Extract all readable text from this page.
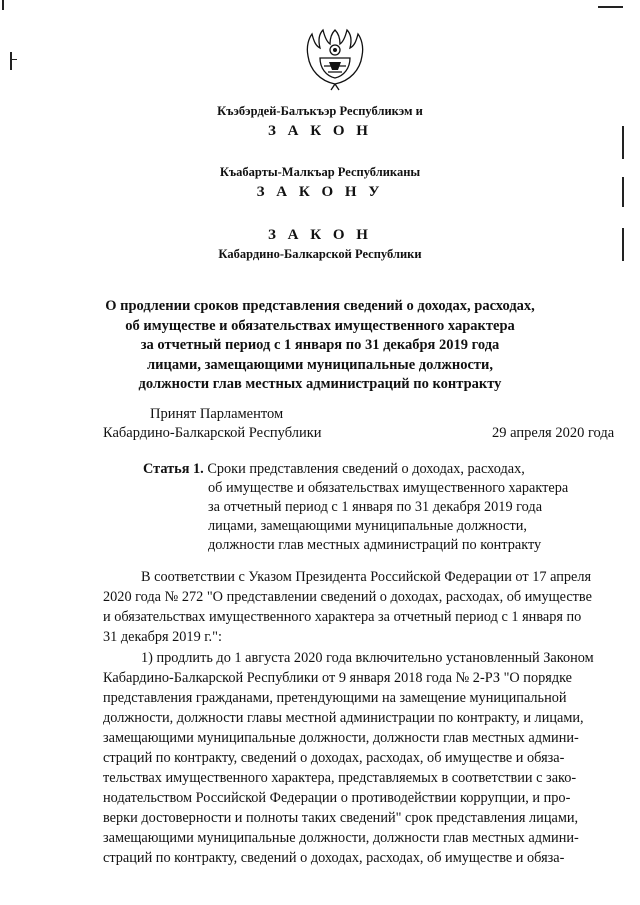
Къэбэрдей-Балъкъэр Республикэм и
З А К О Н
Къабарты-Малкъар Республиканы
З А К О Н У
З А К О Н
Кабардино-Балкарской Республики
О продлении сроков представления сведений о доходах, расходах,
об имуществе и обязательствах имущественного характера
за отчетный период с 1 января по 31 декабря 2019 года
лицами, замещающими муниципальные должности,
должности глав местных администраций по контракту
Принят Парламентом
Кабардино-Балкарской Республики	29 апреля 2020 года
Статья 1. Сроки представления сведений о доходах, расходах,
об имуществе и обязательствах имущественного характера
за отчетный период с 1 января по 31 декабря 2019 года
лицами, замещающими муниципальные должности,
должности глав местных администраций по контракту
В соответствии с Указом Президента Российской Федерации от 17 апреля
2020 года № 272 "О представлении сведений о доходах, расходах, об имуществе
и обязательствах имущественного характера за отчетный период с 1 января по
31 декабря 2019 г.":
1) продлить до 1 августа 2020 года включительно установленный Законом
Кабардино-Балкарской Республики от 9 января 2018 года № 2-РЗ "О порядке
представления гражданами, претендующими на замещение муниципальной
должности, должности главы местной администрации по контракту, и лицами,
замещающими муниципальные должности, должности глав местных админи-
страций по контракту, сведений о доходах, расходах, об имуществе и обяза-
тельствах имущественного характера, представляемых в соответствии с зако-
нодательством Российской Федерации о противодействии коррупции, и про-
верки достоверности и полноты таких сведений" срок представления лицами,
замещающими муниципальные должности, должности глав местных админи-
страций по контракту, сведений о доходах, расходах, об имуществе и обяза-
